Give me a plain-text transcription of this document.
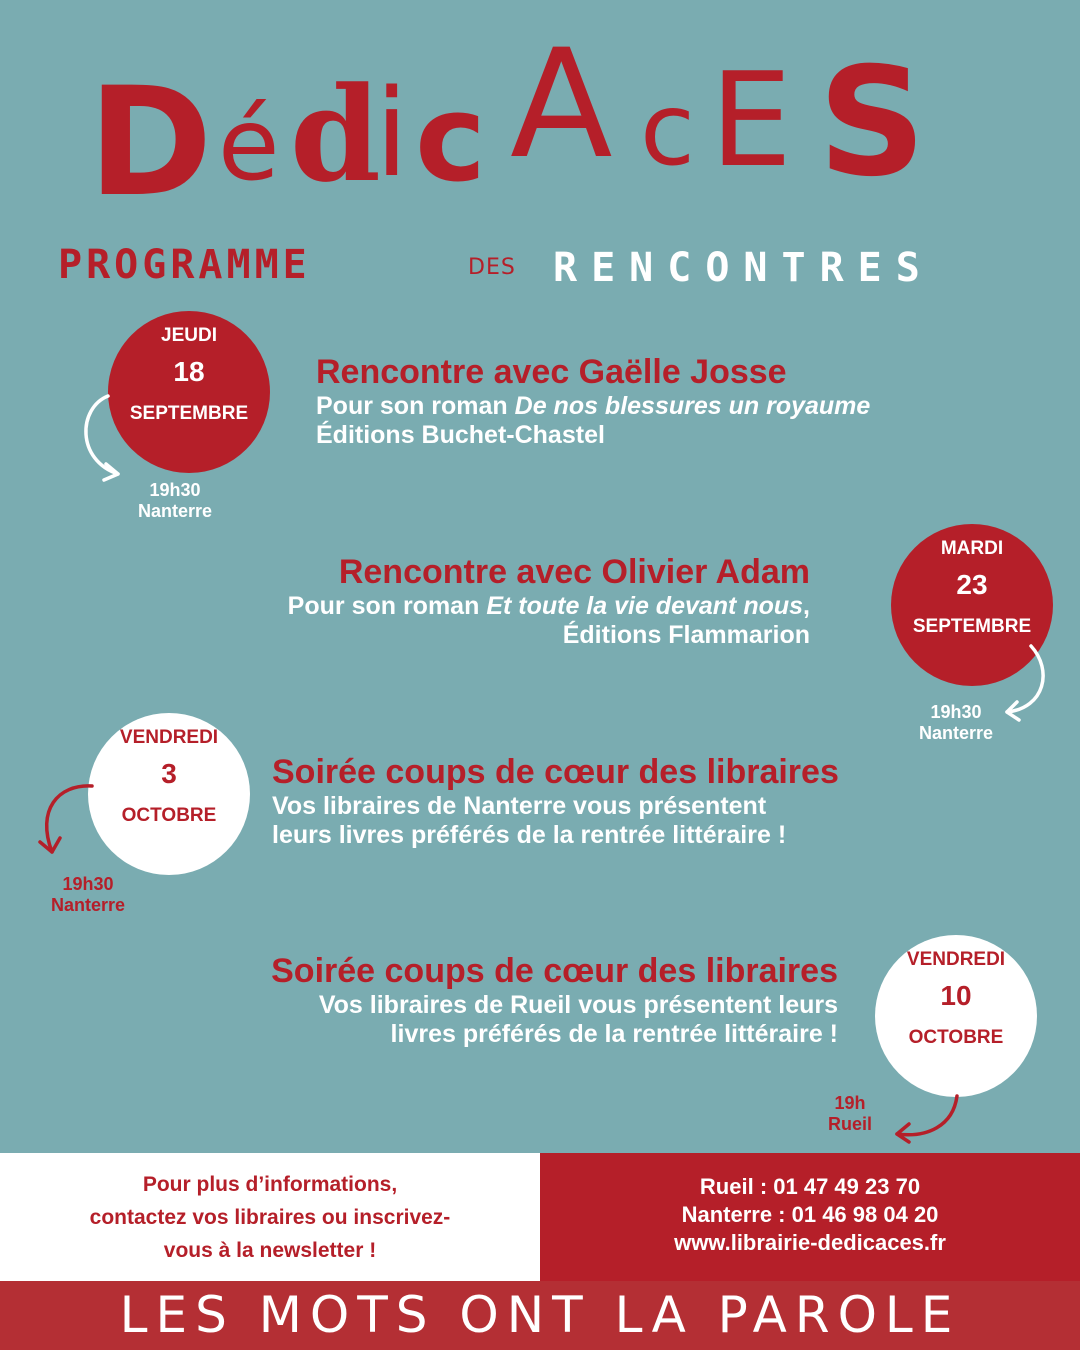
D é d
i c A c E S
PROGRAMME	DES RENCONTRES
JEUDI
18
SEPTEMBRE
19h30
Nanterre
Rencontre avec Gaëlle Josse
Pour son roman De nos blessures un royaume
Éditions Buchet-Chastel
MARDI
23
SEPTEMBRE
19h30
Nanterre
Rencontre avec Olivier Adam
Pour son roman Et toute la vie devant nous,
Éditions Flammarion
VENDREDI
3
OCTOBRE
19h30
Nanterre
Soirée coups de cœur des libraires
Vos libraires de Nanterre vous présentent
leurs livres préférés de la rentrée littéraire !
VENDREDI
10
OCTOBRE
19h
Rueil
Soirée coups de cœur des libraires
Vos libraires de Rueil vous présentent leurs
livres préférés de la rentrée littéraire !
Pour plus d’informations,
contactez vos libraires ou inscrivez-
vous à la newsletter !
Rueil : 01 47 49 23 70
Nanterre : 01 46 98 04 20
www.librairie-dedicaces.fr
LES MOTS ONT LA PAROLE
